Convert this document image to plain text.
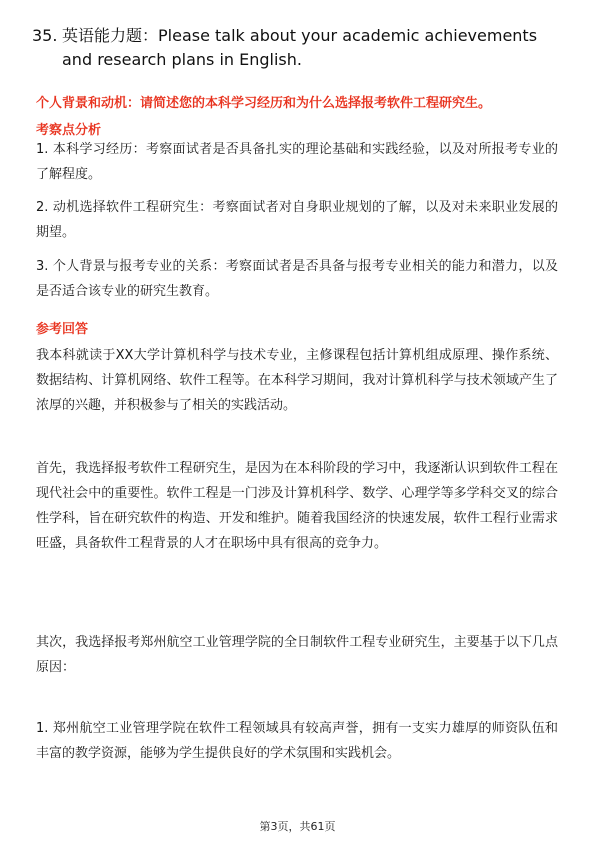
35. 英语能力题：Please talk about your academic achievements
and research plans in English.
个人背景和动机：请简述您的本科学习经历和为什么选择报考软件工程研究生。
考察点分析

1. 本科学习经历：考察面试者是否具备扎实的理论基础和实践经验，以及对所报考专业的了解程度。

2. 动机选择软件工程研究生：考察面试者对自身职业规划的了解，以及对未来职业发展的期望。

3. 个人背景与报考专业的关系：考察面试者是否具备与报考专业相关的能力和潜力，以及是否适合该专业的研究生教育。

参考回答

我本科就读于XX大学计算机科学与技术专业，主修课程包括计算机组成原理、操作系统、数据结构、计算机网络、软件工程等。在本科学习期间，我对计算机科学与技术领域产生了浓厚的兴趣，并积极参与了相关的实践活动。

首先，我选择报考软件工程研究生，是因为在本科阶段的学习中，我逐渐认识到软件工程在现代社会中的重要性。软件工程是一门涉及计算机科学、数学、心理学等多学科交叉的综合性学科，旨在研究软件的构造、开发和维护。随着我国经济的快速发展，软件工程行业需求旺盛，具备软件工程背景的人才在职场中具有很高的竞争力。

其次，我选择报考郑州航空工业管理学院的全日制软件工程专业研究生，主要基于以下几点原因：

1. 郑州航空工业管理学院在软件工程领域具有较高声誉，拥有一支实力雄厚的师资队伍和丰富的教学资源，能够为学生提供良好的学术氛围和实践机会。

第3页，共61页
